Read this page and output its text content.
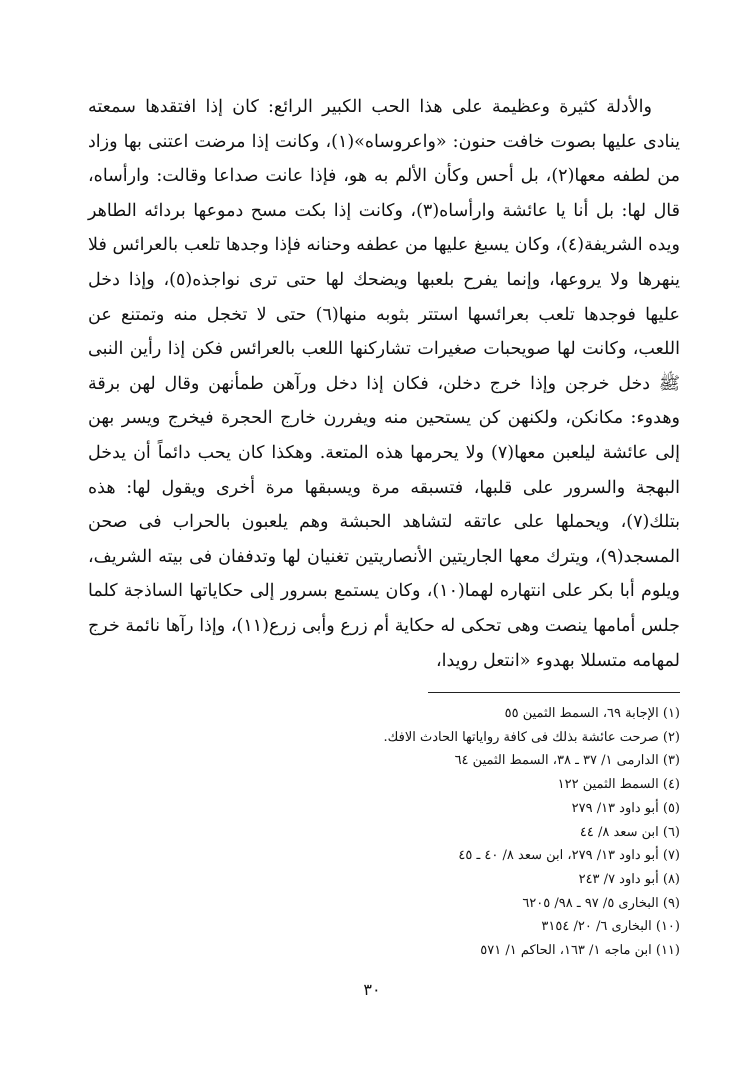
والأدلة كثيرة وعظيمة على هذا الحب الكبير الرائع: كان إذا افتقدها سمعته ينادى عليها بصوت خافت حنون: «واعروساه»(١)، وكانت إذا مرضت اعتنى بها وزاد من لطفه معها(٢)، بل أحس وكأن الألم به هو، فإذا عانت صداعا وقالت: وارأساه، قال لها: بل أنا يا عائشة وارأساه(٣)، وكانت إذا بكت مسح دموعها بردائه الطاهر ويده الشريفة(٤)، وكان يسبغ عليها من عطفه وحنانه فإذا وجدها تلعب بالعرائس فلا ينهرها ولا يروعها، وإنما يفرح بلعبها ويضحك لها حتى ترى نواجذه(٥)، وإذا دخل عليها فوجدها تلعب بعرائسها استتر بثوبه منها(٦) حتى لا تخجل منه وتمتنع عن اللعب، وكانت لها صويحبات صغيرات تشاركنها اللعب بالعرائس فكن إذا رأين النبى ﷺ دخل خرجن وإذا خرج دخلن، فكان إذا دخل ورآهن طمأنهن وقال لهن برقة وهدوء: مكانكن، ولكنهن كن يستحين منه ويفررن خارج الحجرة فيخرج ويسر بهن إلى عائشة ليلعبن معها(٧) ولا يحرمها هذه المتعة. وهكذا كان يحب دائماً أن يدخل البهجة والسرور على قلبها، فتسبقه مرة ويسبقها مرة أخرى ويقول لها: هذه بتلك(٧)، ويحملها على عاتقه لتشاهد الحبشة وهم يلعبون بالحراب فى صحن المسجد(٩)، ويترك معها الجاريتين الأنصاريتين تغنيان لها وتدففان فى بيته الشريف، ويلوم أبا بكر على انتهاره لهما(١٠)، وكان يستمع بسرور إلى حكاياتها الساذجة كلما جلس أمامها ينصت وهى تحكى له حكاية أم زرع وأبى زرع(١١)، وإذا رآها نائمة خرج لمهامه متسللا بهدوء «انتعل رويدا،

(١) الإجابة ٦٩، السمط الثمين ٥٥
(٢) صرحت عائشة بذلك فى كافة رواياتها الحادث الافك.
(٣) الدارمى ١/ ٣٧ ـ ٣٨، السمط الثمين ٦٤
(٤) السمط الثمين ١٢٢
(٥) أبو داود ١٣/ ٢٧٩
(٦) ابن سعد ٨/ ٤٤
(٧) أبو داود ١٣/ ٢٧٩، ابن سعد ٨/ ٤٠ ـ ٤٥
(٨) أبو داود ٧/ ٢٤٣
(٩) البخارى ٥/ ٩٧ ـ ٩٨/ ٦٢٠٥
(١٠) البخارى ٦/ ٢٠/ ٣١٥٤
(١١) ابن ماجه ١/ ١٦٣، الحاكم ١/ ٥٧١
٣٠
